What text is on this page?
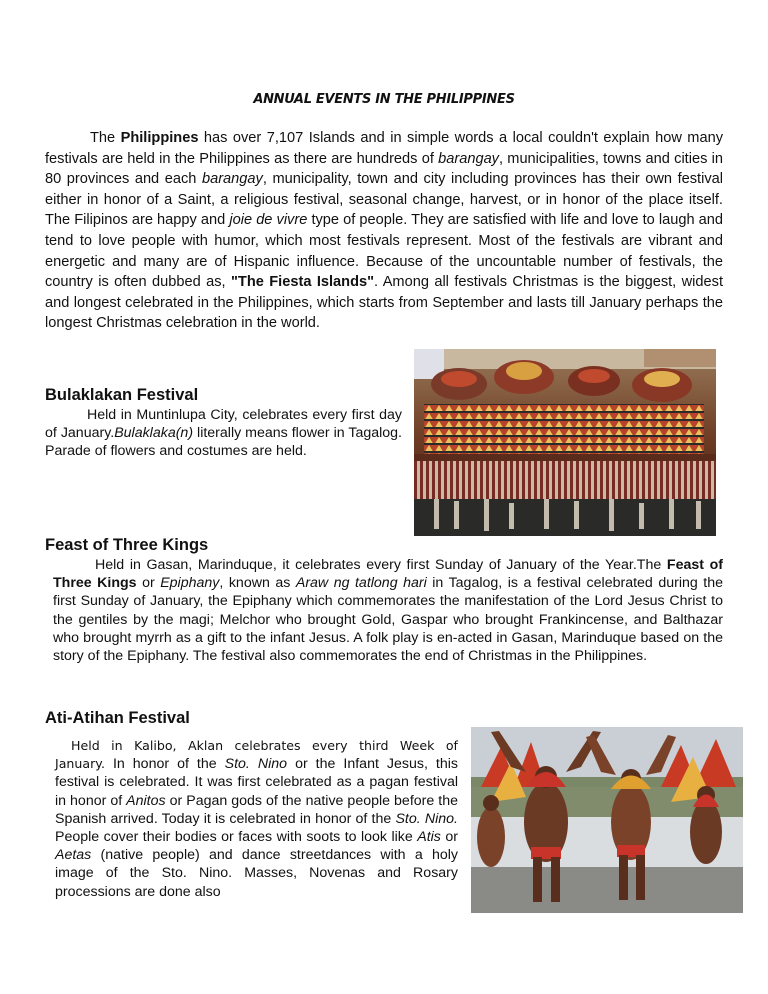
ANNUAL EVENTS IN THE PHILIPPINES
The Philippines has over 7,107 Islands and in simple words a local couldn't explain how many festivals are held in the Philippines as there are hundreds of barangay, municipalities, towns and cities in 80 provinces and each barangay, municipality, town and city including provinces has their own festival either in honor of a Saint, a religious festival, seasonal change, harvest, or in honor of the place itself. The Filipinos are happy and joie de vivre type of people. They are satisfied with life and love to laugh and tend to love people with humor, which most festivals represent. Most of the festivals are vibrant and energetic and many are of Hispanic influence. Because of the uncountable number of festivals, the country is often dubbed as, "The Fiesta Islands". Among all festivals Christmas is the biggest, widest and longest celebrated in the Philippines, which starts from September and lasts till January perhaps the longest Christmas celebration in the world.
Bulaklakan Festival
Held in Muntinlupa City, celebrates every first day of January.Bulaklaka(n) literally means flower in Tagalog. Parade of flowers and costumes are held.
Feast of Three Kings
Held in Gasan, Marinduque, it celebrates every first Sunday of January of the Year.The Feast of Three Kings or Epiphany, known as Araw ng tatlong hari in Tagalog, is a festival celebrated during the first Sunday of January, the Epiphany which commemorates the manifestation of the Lord Jesus Christ to the gentiles by the magi; Melchor who brought Gold, Gaspar who brought Frankincense, and Balthazar who brought myrrh as a gift to the infant Jesus. A folk play is en-acted in Gasan, Marinduque based on the story of the Epiphany. The festival also commemorates the end of Christmas in the Philippines.
Ati-Atihan Festival
Held in Kalibo, Aklan celebrates every third Week of January. In honor of the Sto. Nino or the Infant Jesus, this festival is celebrated. It was first celebrated as a pagan festival in honor of Anitos or Pagan gods of the native people before the Spanish arrived. Today it is celebrated in honor of the Sto. Nino. People cover their bodies or faces with soots to look like Atis or Aetas (native people) and dance streetdances with a holy image of the Sto. Nino. Masses, Novenas and Rosary processions are done also
